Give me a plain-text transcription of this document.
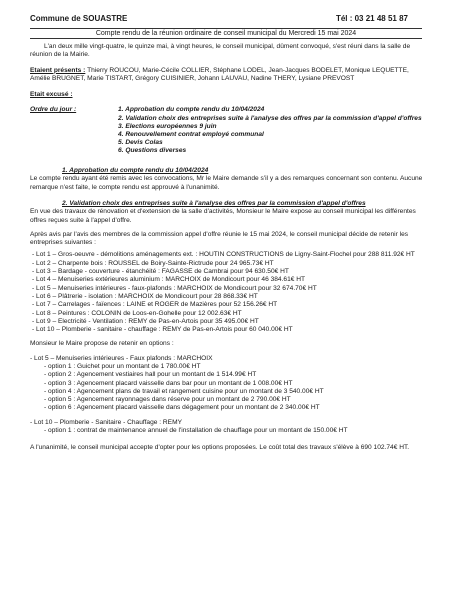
Commune de SOUASTRE	Tél : 03 21 48 51 87
Compte rendu de la réunion ordinaire de conseil municipal du Mercredi 15 mai 2024

L'an deux mille vingt-quatre, le quinze mai, à vingt heures, le conseil municipal, dûment convoqué, s'est réuni dans la salle de réunion de la Mairie.

Etaient présents : Thierry ROUCOU, Marie-Cécile COLLIER, Stéphane LODEL, Jean-Jacques BODELET, Monique LEQUETTE, Amélie BRUGNET, Marie TISTART, Grégory CUISINIER, Johann LAUVAU, Nadine THERY, Lysiane PREVOST

Etait excusé :

Ordre du jour :	1. Approbation du compte rendu du 10/04/2024
2. Validation choix des entreprises suite à l'analyse des offres par la commission d'appel d'offres
3. Elections européennes 9 juin
4. Renouvellement contrat employé communal
5. Devis Colas
6. Questions diverses

1. Approbation du compte rendu du 10/04/2024

Le compte rendu ayant été remis avec les convocations, Mr le Maire demande s'il y a des remarques concernant son contenu. Aucune remarque n'est faite, le compte rendu est approuvé à l'unanimité.

2. Validation choix des entreprises suite à l'analyse des offres par la commission d'appel d'offres

En vue des travaux de rénovation et d'extension de la salle d'activités, Monsieur le Maire expose au conseil municipal les différentes offres reçues suite à l'appel d'offre.

Après avis par l'avis des membres de la commission appel d'offre réunie le 15 mai 2024, le conseil municipal décide de retenir les entreprises suivantes :

- Lot 1 – Gros-oeuvre - démolitions aménagements ext. : HOUTIN CONSTRUCTIONS de Ligny-Saint-Flochel pour 288 811.92€ HT

- Lot 2 – Charpente bois : ROUSSEL de Boiry-Sainte-Rictrude pour 24 965.73€ HT

- Lot 3 – Bardage - couverture - étanchéité : FAGASSE de Cambrai pour 94 630.50€ HT

- Lot 4 – Menuiseries extérieures aluminium : MARCHOIX de Mondicourt pour 46 384.61€ HT

- Lot 5 – Menuiseries intérieures - faux-plafonds : MARCHOIX de Mondicourt pour 32 674.70€ HT

- Lot 6 – Plâtrerie - isolation : MARCHOIX de Mondicourt pour 28 868.33€ HT

- Lot 7 – Carrelages - faïences : LAINE et ROGER de Mazières pour 52 156.26€ HT

- Lot 8 – Peintures : COLONIN de Loos-en-Gohelle pour 12 002.63€ HT

- Lot 9 – Electricité - Ventilation : REMY de Pas-en-Artois pour 35 495.00€ HT

- Lot 10 – Plomberie - sanitaire - chauffage : REMY de Pas-en-Artois pour 60 040.00€ HT

Monsieur le Maire propose de retenir en options :

- Lot 5 – Menuiseries intérieures - Faux plafonds : MARCHOIX

- option 1 : Guichet pour un montant de 1 780.00€ HT

- option 2 : Agencement vestiaires hall pour un montant de 1 514.99€ HT

- option 3 : Agencement placard vaisselle dans bar pour un montant de 1 008.00€ HT

- option 4 : Agencement plans de travail et rangement cuisine pour un montant de 3 540.00€ HT

- option 5 : Agencement rayonnages dans réserve pour un montant de 2 790.00€ HT

- option 6 : Agencement placard vaisselle dans dégagement pour un montant de 2 340.00€ HT

- Lot 10 – Plomberie - Sanitaire - Chauffage : REMY

- option 1 : contrat de maintenance annuel de l'installation de chauffage pour un montant de 150.00€ HT

A l'unanimité, le conseil municipal accepte d'opter pour les options proposées. Le coût total des travaux s'élève à 690 102.74€ HT.
